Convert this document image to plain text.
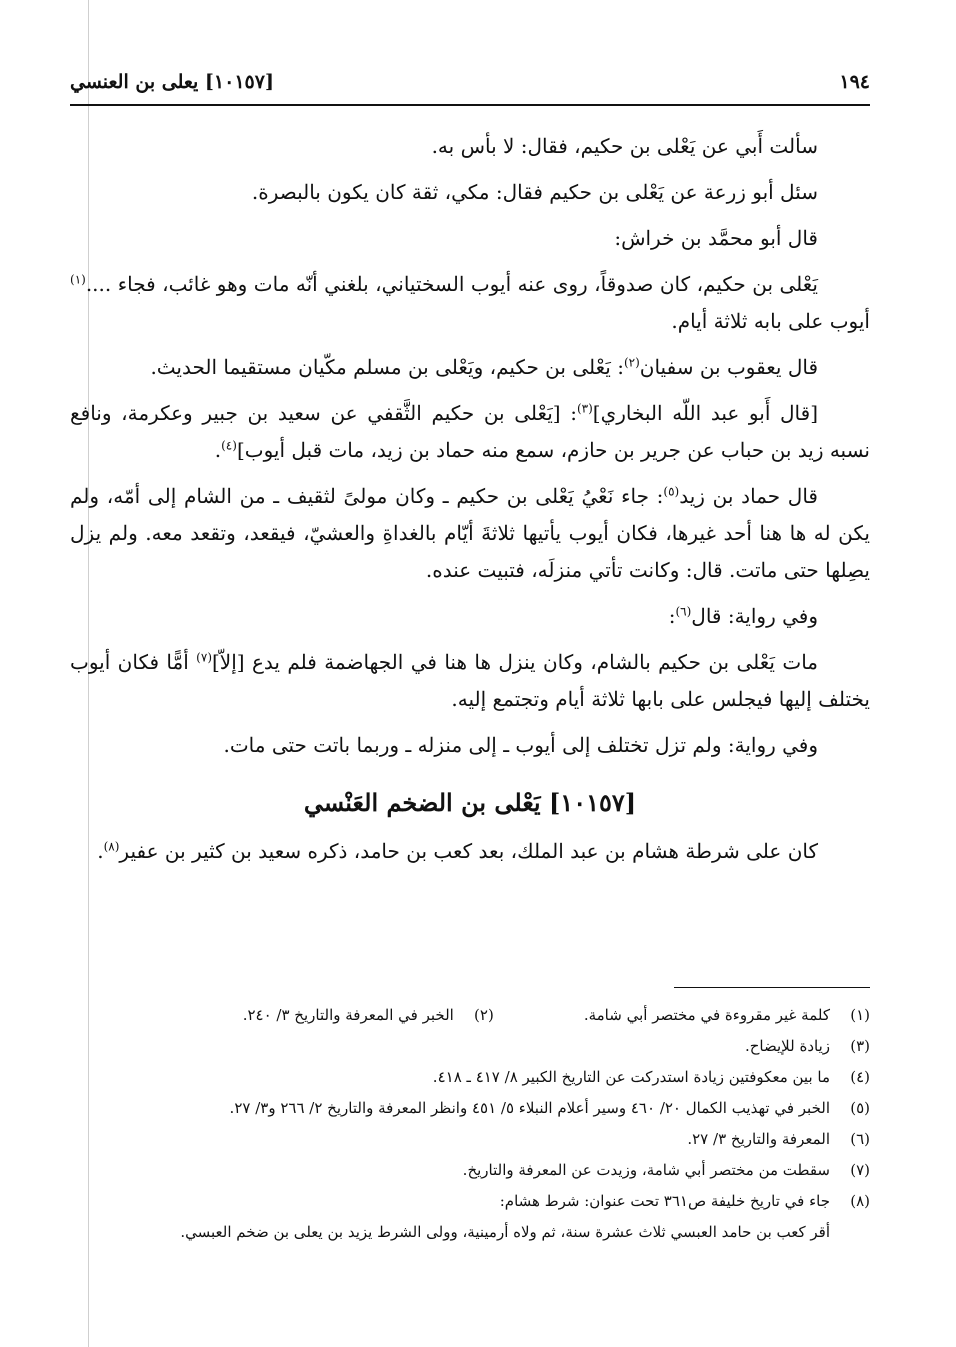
١٩٤
[١٠١٥٧] يعلى بن العنسي

سألت أَبي عن يَعْلى بن حكيم، فقال: لا بأس به.

سئل أبو زرعة عن يَعْلى بن حكيم فقال: مكي، ثقة كان يكون بالبصرة.

قال أبو محمَّد بن خراش:

يَعْلى بن حكيم، كان صدوقاً، روى عنه أيوب السختياني، بلغني أنّه مات وهو غائب، فجاء ....$^{(١)}$ أيوب على بابه ثلاثة أيام.

قال يعقوب بن سفيان$^{(٢)}$: يَعْلى بن حكيم، ويَعْلى بن مسلم مكّيان مستقيما الحديث.

[قال أَبو عبد اللّه البخاري]$^{(٣)}$: [يَعْلى بن حكيم الثَّقفي عن سعيد بن جبير وعكرمة، ونافع نسبه زيد بن حباب عن جرير بن حازم، سمع منه حماد بن زيد، مات قبل أيوب]$^{(٤)}$.

قال حماد بن زيد$^{(٥)}$: جاء نَعْيُ يَعْلى بن حكيم ـ وكان مولىً لثقيف ـ من الشام إلى أمّه، ولم يكن له ها هنا أحد غيرها، فكان أيوب يأتيها ثلاثةَ أيّام بالغداةِ والعشيّ، فيقعد، وتقعد معه. ولم يزل يصِلها حتى ماتت. قال: وكانت تأتي منزلَه، فتبيت عنده.

وفي رواية: قال$^{(٦)}$:

مات يَعْلى بن حكيم بالشام، وكان ينزل ها هنا في الجهاضمة فلم يدع [إلاّ]$^{(٧)}$ أمًّا فكان أيوب يختلف إليها فيجلس على بابها ثلاثة أيام وتجتمع إليه.

وفي رواية: ولم تزل تختلف إلى أيوب ـ إلى منزله ـ وربما باتت حتى مات.

[١٠١٥٧] يَعْلى بن الضخم العَنْسي

كان على شرطة هشام بن عبد الملك، بعد كعب بن حامد، ذكره سعيد بن كثير بن عفير$^{(٨)}$.

(١)
كلمة غير مقروءة في مختصر أبي شامة.
(٢)
الخبر في المعرفة والتاريخ ٣/ ٢٤٠.
(٣)
زيادة للإيضاح.
(٤)
ما بين معكوفتين زيادة استدركت عن التاريخ الكبير ٨/ ٤١٧ ـ ٤١٨.
(٥)
الخبر في تهذيب الكمال ٢٠/ ٤٦٠ وسير أعلام النبلاء ٥/ ٤٥١ وانظر المعرفة والتاريخ ٢/ ٢٦٦ و٣/ ٢٧.
(٦)
المعرفة والتاريخ ٣/ ٢٧.
(٧)
سقطت من مختصر أبي شامة، وزيدت عن المعرفة والتاريخ.
(٨)
جاء في تاريخ خليفة ص٣٦١ تحت عنوان: شرط هشام:
أقر كعب بن حامد العبسي ثلاث عشرة سنة، ثم ولاه أرمينية، وولى الشرط يزيد بن يعلى بن ضخم العبسي.
